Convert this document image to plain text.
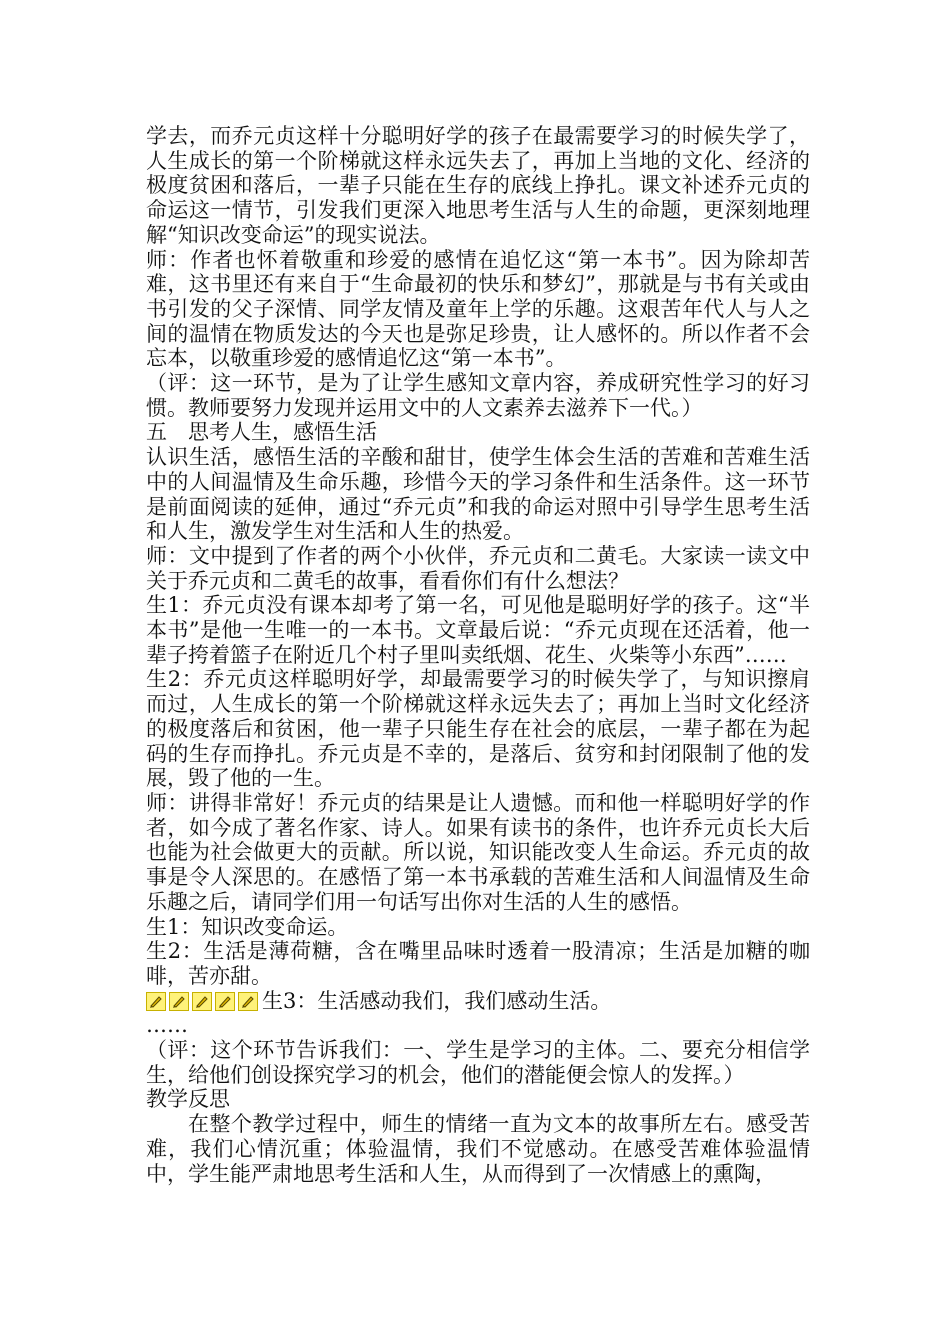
学去，而乔元贞这样十分聪明好学的孩子在最需要学习的时候失学了，人生成长的第一个阶梯就这样永远失去了，再加上当地的文化、经济的极度贫困和落后，一辈子只能在生存的底线上挣扎。课文补述乔元贞的命运这一情节，引发我们更深入地思考生活与人生的命题，更深刻地理解“知识改变命运”的现实说法。

师：作者也怀着敬重和珍爱的感情在追忆这“第一本书”。因为除却苦难，这书里还有来自于“生命最初的快乐和梦幻”，那就是与书有关或由书引发的父子深情、同学友情及童年上学的乐趣。这艰苦年代人与人之间的温情在物质发达的今天也是弥足珍贵，让人感怀的。所以作者不会忘本，以敬重珍爱的感情追忆这“第一本书”。

（评：这一环节，是为了让学生感知文章内容，养成研究性学习的好习惯。教师要努力发现并运用文中的人文素养去滋养下一代。）

五　思考人生，感悟生活

认识生活，感悟生活的辛酸和甜甘，使学生体会生活的苦难和苦难生活中的人间温情及生命乐趣，珍惜今天的学习条件和生活条件。这一环节是前面阅读的延伸，通过“乔元贞”和我的命运对照中引导学生思考生活和人生，激发学生对生活和人生的热爱。

师：文中提到了作者的两个小伙伴，乔元贞和二黄毛。大家读一读文中关于乔元贞和二黄毛的故事，看看你们有什么想法？

生1：乔元贞没有课本却考了第一名，可见他是聪明好学的孩子。这“半本书”是他一生唯一的一本书。文章最后说：“乔元贞现在还活着，他一辈子挎着篮子在附近几个村子里叫卖纸烟、花生、火柴等小东西”……

生2：乔元贞这样聪明好学，却最需要学习的时候失学了，与知识擦肩而过，人生成长的第一个阶梯就这样永远失去了；再加上当时文化经济的极度落后和贫困，他一辈子只能生存在社会的底层，一辈子都在为起码的生存而挣扎。乔元贞是不幸的，是落后、贫穷和封闭限制了他的发展，毁了他的一生。

师：讲得非常好！乔元贞的结果是让人遗憾。而和他一样聪明好学的作者，如今成了著名作家、诗人。如果有读书的条件，也许乔元贞长大后也能为社会做更大的贡献。所以说，知识能改变人生命运。乔元贞的故事是令人深思的。在感悟了第一本书承载的苦难生活和人间温情及生命乐趣之后，请同学们用一句话写出你对生活的人生的感悟。

生1：知识改变命运。

生2：生活是薄荷糖，含在嘴里品味时透着一股清凉；生活是加糖的咖啡，苦亦甜。

生3：生活感动我们，我们感动生活。

……

（评：这个环节告诉我们：一、学生是学习的主体。二、要充分相信学生，给他们创设探究学习的机会，他们的潜能便会惊人的发挥。）

教学反思

在整个教学过程中，师生的情绪一直为文本的故事所左右。感受苦难，我们心情沉重；体验温情，我们不觉感动。在感受苦难体验温情中，学生能严肃地思考生活和人生，从而得到了一次情感上的熏陶，
